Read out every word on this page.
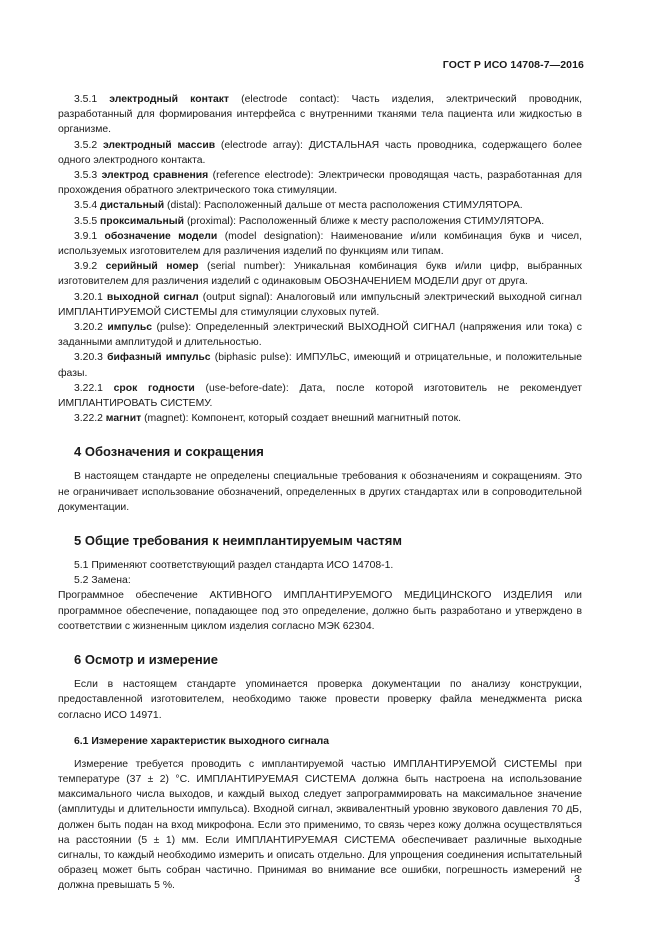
ГОСТ Р ИСО 14708-7—2016

3.5.1 электродный контакт (electrode contact): Часть изделия, электрический проводник, разработанный для формирования интерфейса с внутренними тканями тела пациента или жидкостью в организме.

3.5.2 электродный массив (electrode array): ДИСТАЛЬНАЯ часть проводника, содержащего более одного электродного контакта.

3.5.3 электрод сравнения (reference electrode): Электрически проводящая часть, разработанная для прохождения обратного электрического тока стимуляции.

3.5.4 дистальный (distal): Расположенный дальше от места расположения СТИМУЛЯТОРА.

3.5.5 проксимальный (proximal): Расположенный ближе к месту расположения СТИМУЛЯТОРА.

3.9.1 обозначение модели (model designation): Наименование и/или комбинация букв и чисел, используемых изготовителем для различения изделий по функциям или типам.

3.9.2 серийный номер (serial number): Уникальная комбинация букв и/или цифр, выбранных изготовителем для различения изделий с одинаковым ОБОЗНАЧЕНИЕМ МОДЕЛИ друг от друга.

3.20.1 выходной сигнал (output signal): Аналоговый или импульсный электрический выходной сигнал ИМПЛАНТИРУЕМОЙ СИСТЕМЫ для стимуляции слуховых путей.

3.20.2 импульс (pulse): Определенный электрический ВЫХОДНОЙ СИГНАЛ (напряжения или тока) с заданными амплитудой и длительностью.

3.20.3 бифазный импульс (biphasic pulse): ИМПУЛЬС, имеющий и отрицательные, и положительные фазы.

3.22.1 срок годности (use-before-date): Дата, после которой изготовитель не рекомендует ИМПЛАНТИРОВАТЬ СИСТЕМУ.

3.22.2 магнит (magnet): Компонент, который создает внешний магнитный поток.

4 Обозначения и сокращения

В настоящем стандарте не определены специальные требования к обозначениям и сокращениям. Это не ограничивает использование обозначений, определенных в других стандартах или в сопроводительной документации.

5 Общие требования к неимплантируемым частям

5.1 Применяют соответствующий раздел стандарта ИСО 14708-1.

5.2 Замена:

Программное обеспечение АКТИВНОГО ИМПЛАНТИРУЕМОГО МЕДИЦИНСКОГО ИЗДЕЛИЯ или программное обеспечение, попадающее под это определение, должно быть разработано и утверждено в соответствии с жизненным циклом изделия согласно МЭК 62304.

6 Осмотр и измерение

Если в настоящем стандарте упоминается проверка документации по анализу конструкции, предоставленной изготовителем, необходимо также провести проверку файла менеджмента риска согласно ИСО 14971.

6.1 Измерение характеристик выходного сигнала

Измерение требуется проводить с имплантируемой частью ИМПЛАНТИРУЕМОЙ СИСТЕМЫ при температуре (37 ± 2) °С. ИМПЛАНТИРУЕМАЯ СИСТЕМА должна быть настроена на использование максимального числа выходов, и каждый выход следует запрограммировать на максимальное значение (амплитуды и длительности импульса). Входной сигнал, эквивалентный уровню звукового давления 70 дБ, должен быть подан на вход микрофона. Если это применимо, то связь через кожу должна осуществляться на расстоянии (5 ± 1) мм. Если ИМПЛАНТИРУЕМАЯ СИСТЕМА обеспечивает различные выходные сигналы, то каждый необходимо измерить и описать отдельно. Для упрощения соединения испытательный образец может быть собран частично. Принимая во внимание все ошибки, погрешность измерений не должна превышать 5 %.

3
